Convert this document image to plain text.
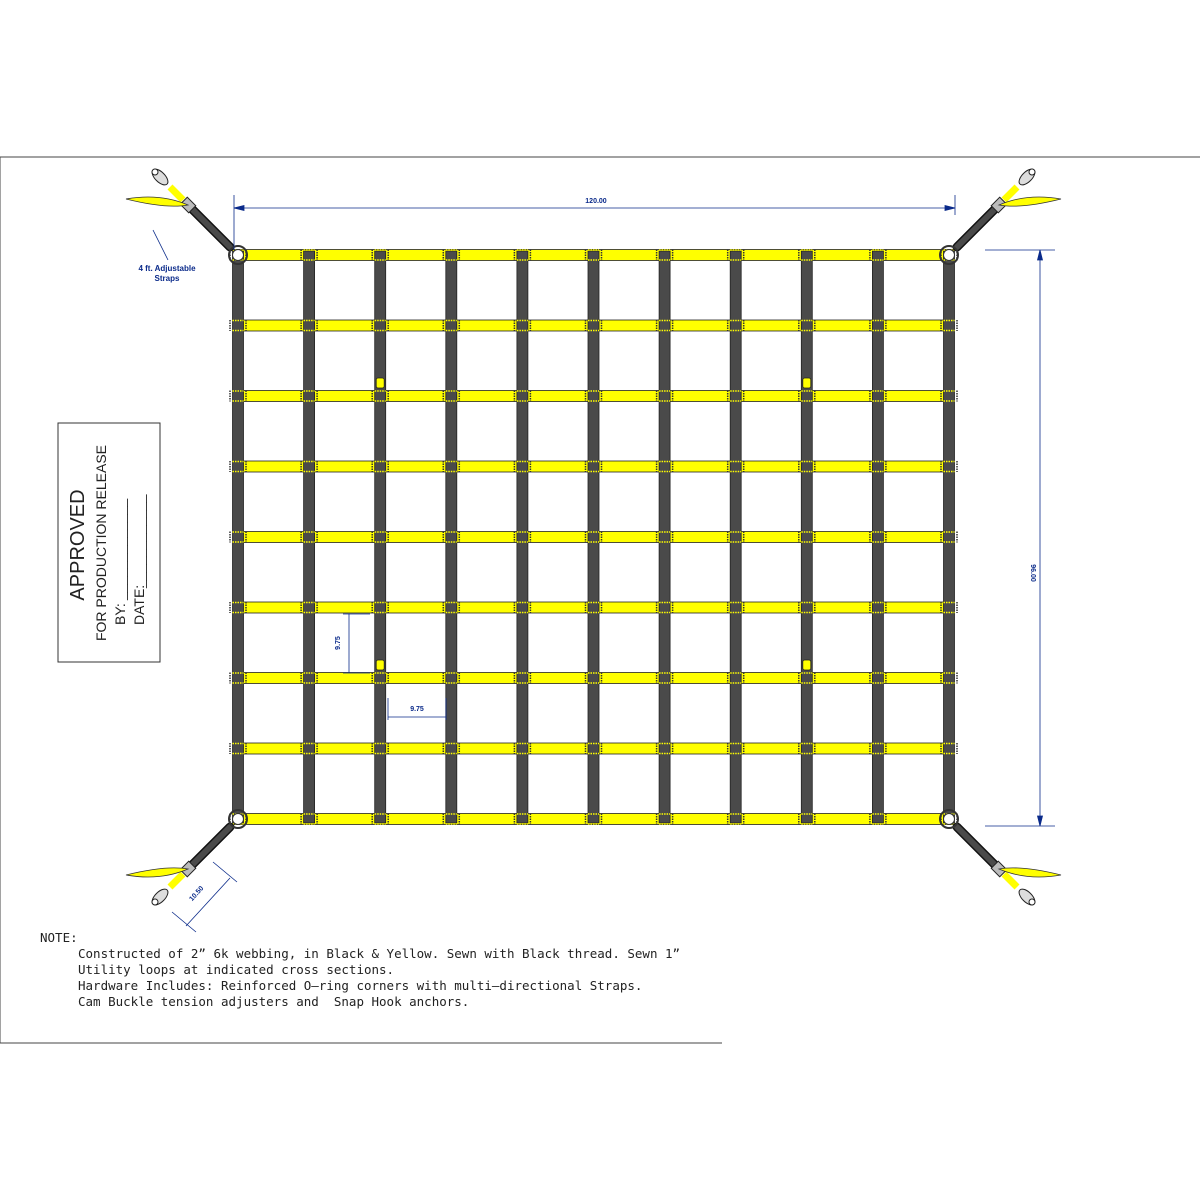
120.00
96.00
9.75
9.75
10.50
4 ft. Adjustable
Straps
APPROVED FOR PRODUCTION RELEASE BY:
_____________
DATE:
____________
NOTE:
Constructed of 2” 6k webbing, in Black & Yellow. Sewn with Black thread. Sewn 1”
Utility loops at indicated cross sections.
Hardware Includes: Reinforced O–ring corners with multi–directional Straps.
Cam Buckle tension adjusters and  Snap Hook anchors.
